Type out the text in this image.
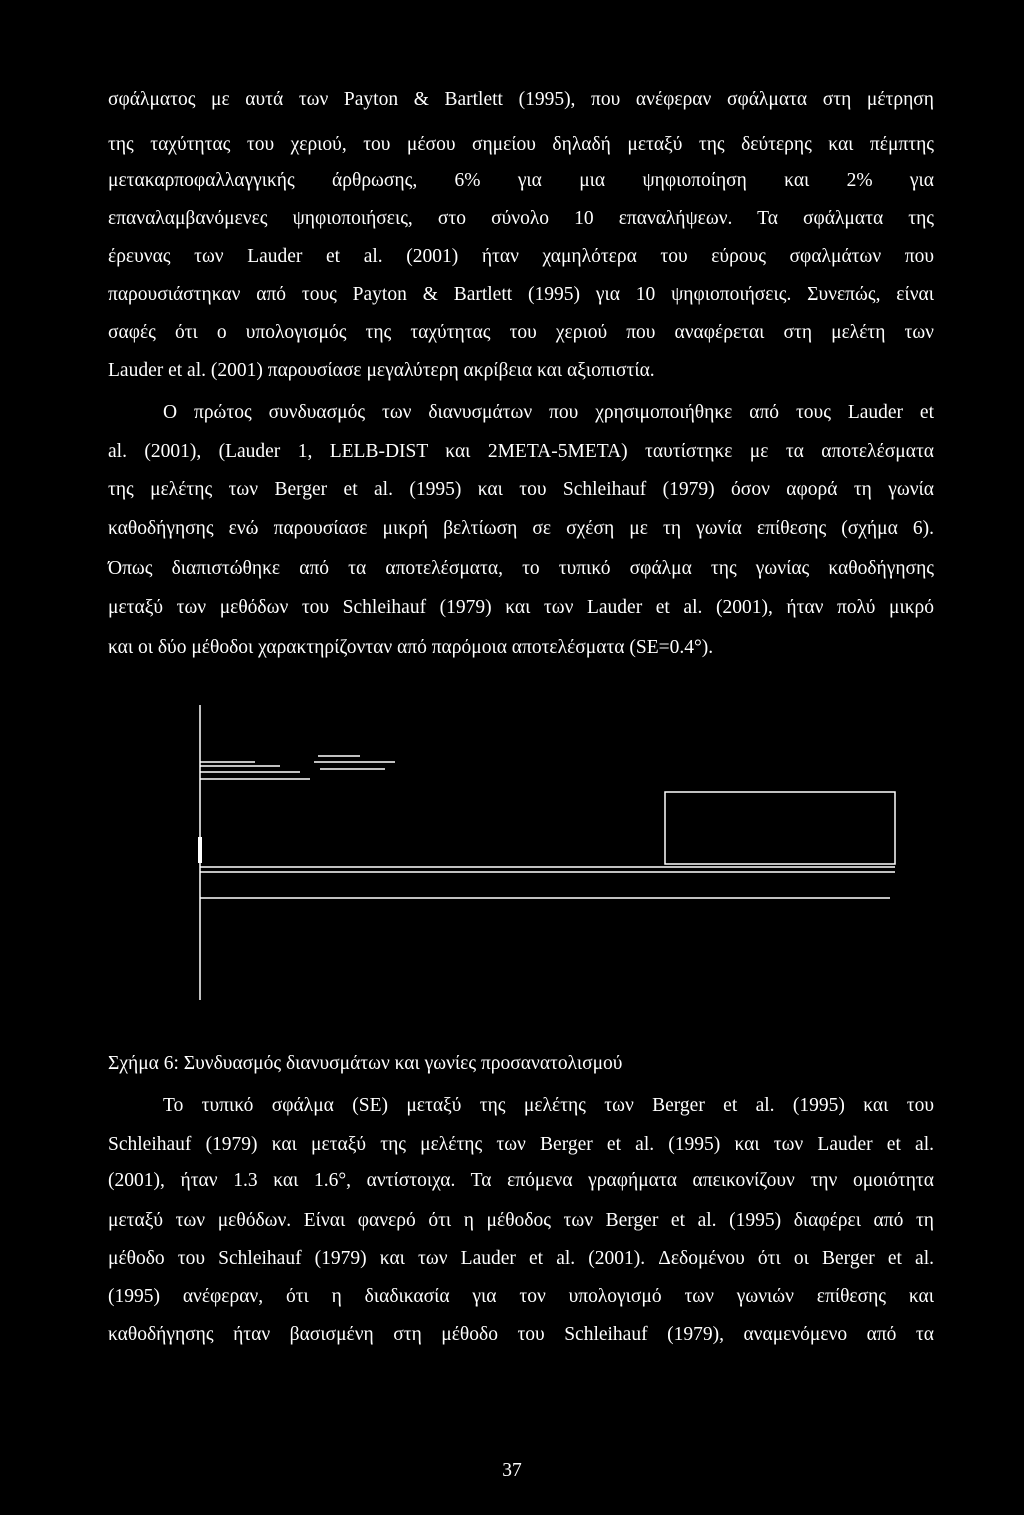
σφάλματος με αυτά των Payton & Bartlett (1995), που ανέφεραν σφάλματα στη μέτρηση
της ταχύτητας του χεριού, του μέσου σημείου δηλαδή μεταξύ της δεύτερης και πέμπτης
μετακαρποφαλλαγγικής άρθρωσης, 6% για μια ψηφιοποίηση και 2% για
επαναλαμβανόμενες ψηφιοποιήσεις, στο σύνολο 10 επαναλήψεων. Τα σφάλματα της
έρευνας των Lauder et al. (2001) ήταν χαμηλότερα του εύρους σφαλμάτων που
παρουσιάστηκαν από τους Payton & Bartlett (1995) για 10 ψηφιοποιήσεις. Συνεπώς, είναι
σαφές ότι ο υπολογισμός της ταχύτητας του χεριού που αναφέρεται στη μελέτη των
Lauder et al. (2001) παρουσίασε μεγαλύτερη ακρίβεια και αξιοπιστία.
Ο πρώτος συνδυασμός των διανυσμάτων που χρησιμοποιήθηκε από τους Lauder et
al. (2001), (Lauder 1, LELB-DIST και 2META-5META) ταυτίστηκε με τα αποτελέσματα
της μελέτης των Berger et al. (1995) και του Schleihauf (1979) όσον αφορά τη γωνία
καθοδήγησης ενώ παρουσίασε μικρή βελτίωση σε σχέση με τη γωνία επίθεσης (σχήμα 6).
Όπως διαπιστώθηκε από τα αποτελέσματα, το τυπικό σφάλμα της γωνίας καθοδήγησης
μεταξύ των μεθόδων του Schleihauf (1979) και των Lauder et al. (2001), ήταν πολύ μικρό
και οι δύο μέθοδοι χαρακτηρίζονταν από παρόμοια αποτελέσματα (SE=0.4°).
Σχήμα 6: Συνδυασμός διανυσμάτων και γωνίες προσανατολισμού
Το τυπικό σφάλμα (SE) μεταξύ της μελέτης των Berger et al. (1995) και του
Schleihauf (1979) και μεταξύ της μελέτης των Berger et al. (1995) και των Lauder et al.
(2001), ήταν 1.3 και 1.6°, αντίστοιχα. Τα επόμενα γραφήματα απεικονίζουν την ομοιότητα
μεταξύ των μεθόδων. Είναι φανερό ότι η μέθοδος των Berger et al. (1995) διαφέρει από τη
μέθοδο του Schleihauf (1979) και των Lauder et al. (2001). Δεδομένου ότι οι Berger et al.
(1995) ανέφεραν, ότι η διαδικασία για τον υπολογισμό των γωνιών επίθεσης και
καθοδήγησης ήταν βασισμένη στη μέθοδο του Schleihauf (1979), αναμενόμενο από τα
37
